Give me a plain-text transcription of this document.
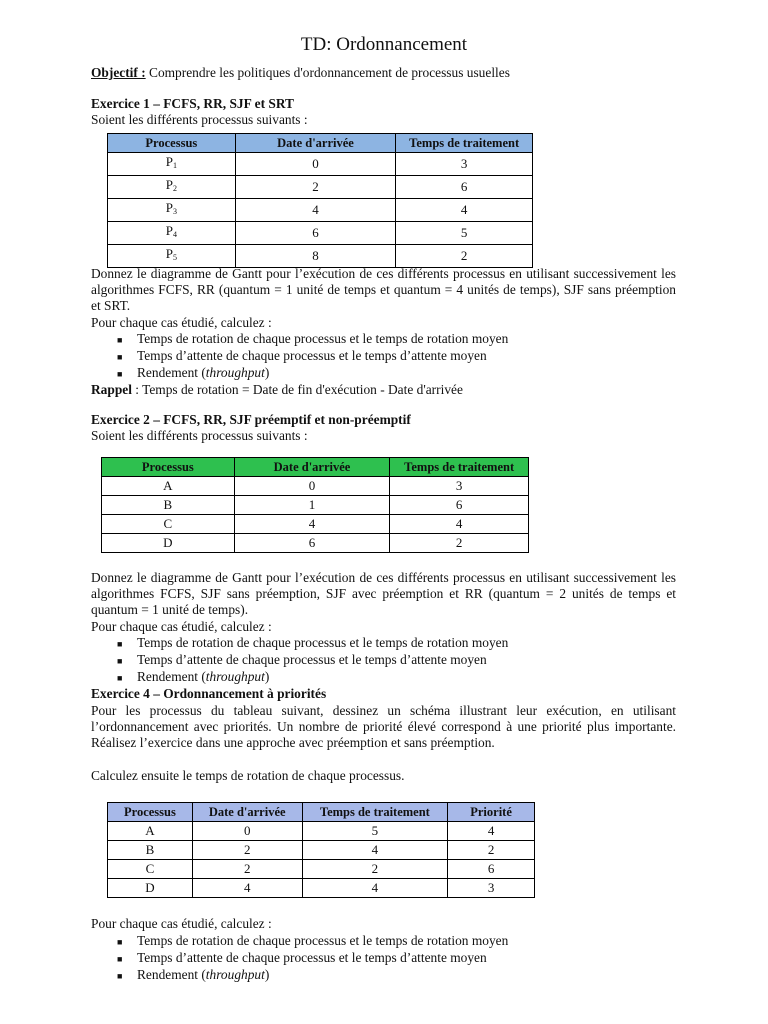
TD: Ordonnancement
Objectif : Comprendre les politiques d'ordonnancement de processus usuelles
Exercice 1 – FCFS, RR, SJF et SRT
Soient les différents processus suivants :
Processus	Date d'arrivée	Temps de traitement
$P_1$	0	3
$P_2$	2	6
$P_3$	4	4
$P_4$	6	5
$P_5$	8	2
Donnez le diagramme de Gantt pour l’exécution de ces différents processus en utilisant successivement les algorithmes FCFS, RR (quantum = 1 unité de temps et quantum = 4 unités de temps), SJF sans préemption et SRT.
Pour chaque cas étudié, calculez :
■ Temps de rotation de chaque processus et le temps de rotation moyen
■ Temps d’attente de chaque processus et le temps d’attente moyen
■ Rendement (throughput)
Rappel : Temps de rotation = Date de fin d'exécution - Date d'arrivée
Exercice 2 – FCFS, RR, SJF préemptif et non-préemptif
Soient les différents processus suivants :
Processus	Date d'arrivée	Temps de traitement
A	0	3
B	1	6
C	4	4
D	6	2
Donnez le diagramme de Gantt pour l’exécution de ces différents processus en utilisant successivement les algorithmes FCFS, SJF sans préemption, SJF avec préemption et RR (quantum = 2 unités de temps et quantum = 1 unité de temps).
Pour chaque cas étudié, calculez :
■ Temps de rotation de chaque processus et le temps de rotation moyen
■ Temps d’attente de chaque processus et le temps d’attente moyen
■ Rendement (throughput)
Exercice 4 – Ordonnancement à priorités
Pour les processus du tableau suivant, dessinez un schéma illustrant leur exécution, en utilisant l’ordonnancement avec priorités. Un nombre de priorité élevé correspond à une priorité plus importante. Réalisez l’exercice dans une approche avec préemption et sans préemption.
Calculez ensuite le temps de rotation de chaque processus.
Processus	Date d'arrivée	Temps de traitement	Priorité
A	0	5	4
B	2	4	2
C	2	2	6
D	4	4	3
Pour chaque cas étudié, calculez :
■ Temps de rotation de chaque processus et le temps de rotation moyen
■ Temps d’attente de chaque processus et le temps d’attente moyen
■ Rendement (throughput)
